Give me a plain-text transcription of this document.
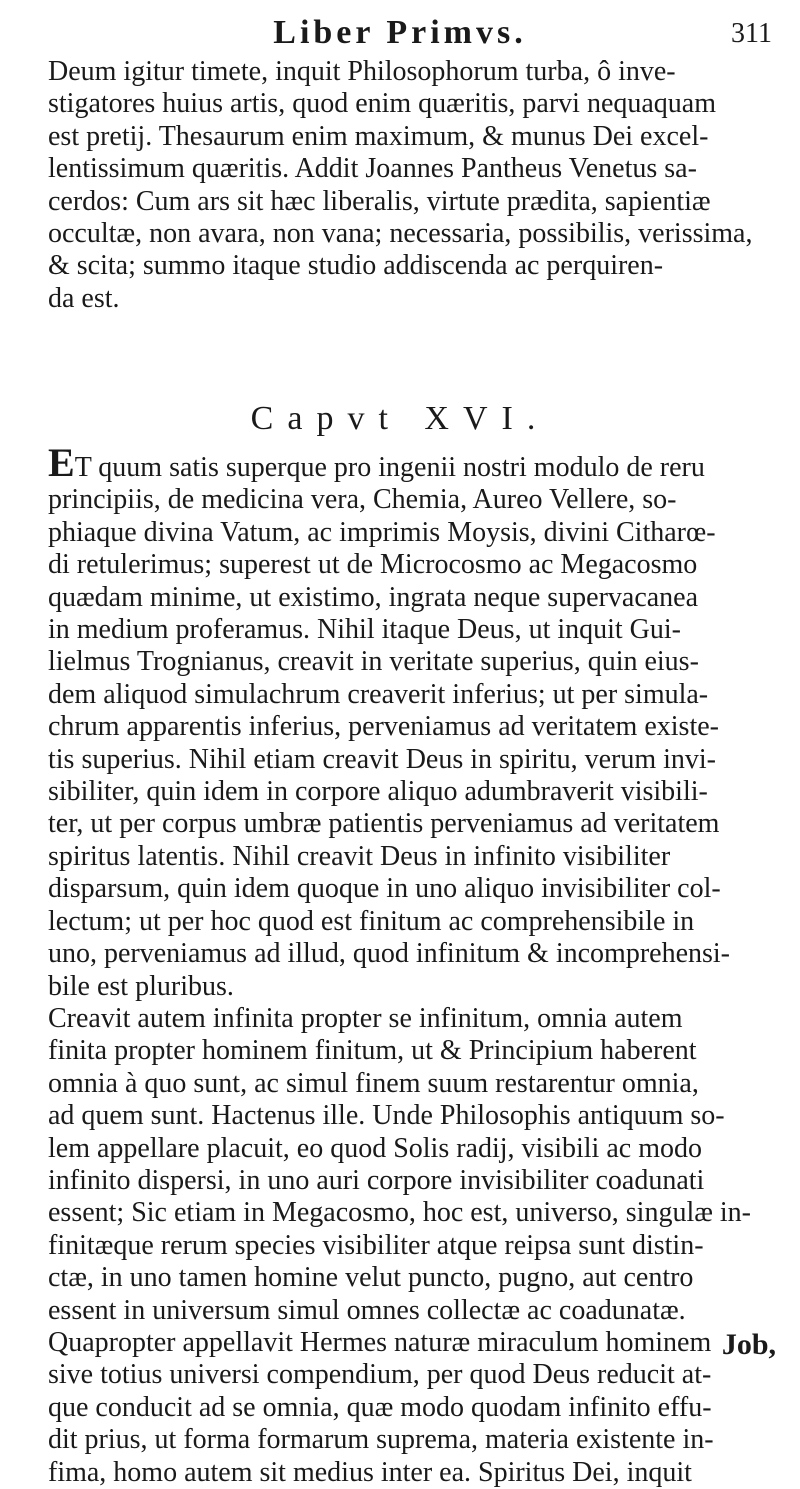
Liber Primvs.	311
Deum igitur timete, inquit Philosophorum turba, ô inve-
stigatores huius artis, quod enim quæritis, parvi nequaquam
est pretij. Thesaurum enim maximum, & munus Dei excel-
lentissimum quæritis. Addit Joannes Pantheus Venetus sa-
cerdos: Cum ars sit hæc liberalis, virtute prædita, sapientiæ
occultæ, non avara, non vana; necessaria, possibilis, verissima,
& scita; summo itaque studio addiscenda ac perquiren-
da est.
Capvt XVI.
ET quum satis superque pro ingenii nostri modulo de reru
principiis, de medicina vera, Chemia, Aureo Vellere, so-
phiaque divina Vatum, ac imprimis Moysis, divini Citharœ-
di retulerimus; superest ut de Microcosmo ac Megacosmo
quædam minime, ut existimo, ingrata neque supervacanea
in medium proferamus. Nihil itaque Deus, ut inquit Gui-
lielmus Trognianus, creavit in veritate superius, quin eius-
dem aliquod simulachrum creaverit inferius; ut per simula-
chrum apparentis inferius, perveniamus ad veritatem existe-
tis superius. Nihil etiam creavit Deus in spiritu, verum invi-
sibiliter, quin idem in corpore aliquo adumbraverit visibili-
ter, ut per corpus umbræ patientis perveniamus ad veritatem
spiritus latentis. Nihil creavit Deus in infinito visibiliter
disparsum, quin idem quoque in uno aliquo invisibiliter col-
lectum; ut per hoc quod est finitum ac comprehensibile in
uno, perveniamus ad illud, quod infinitum & incomprehensi-
bile est pluribus.
Creavit autem infinita propter se infinitum, omnia autem
finita propter hominem finitum, ut & Principium haberent
omnia à quo sunt, ac simul finem suum restarentur omnia,
ad quem sunt. Hactenus ille. Unde Philosophis antiquum so-
lem appellare placuit, eo quod Solis radij, visibili ac modo
infinito dispersi, in uno auri corpore invisibiliter coadunati
essent; Sic etiam in Megacosmo, hoc est, universo, singulæ in-
finitæque rerum species visibiliter atque reipsa sunt distin-
ctæ, in uno tamen homine velut puncto, pugno, aut centro
essent in universum simul omnes collectæ ac coadunatæ.
Quapropter appellavit Hermes naturæ miraculum hominem
sive totius universi compendium, per quod Deus reducit at-
que conducit ad se omnia, quæ modo quodam infinito effu-
dit prius, ut forma formarum suprema, materia existente in-
fima, homo autem sit medius inter ea. Spiritus Dei, inquit
Job,
